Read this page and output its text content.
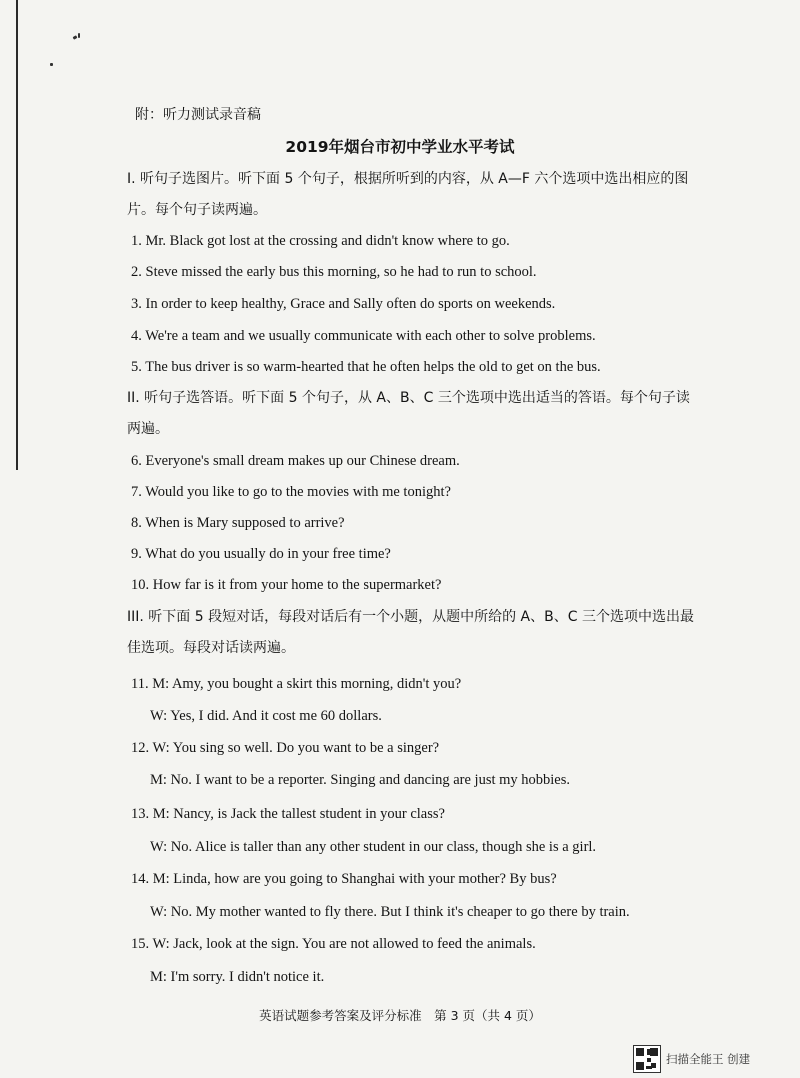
附：听力测试录音稿
2019年烟台市初中学业水平考试
I. 听句子选图片。听下面 5 个句子，根据所听到的内容，从 A—F 六个选项中选出相应的图
片。每个句子读两遍。
1. Mr. Black got lost at the crossing and didn't know where to go.
2. Steve missed the early bus this morning, so he had to run to school.
3. In order to keep healthy, Grace and Sally often do sports on weekends.
4. We're a team and we usually communicate with each other to solve problems.
5. The bus driver is so warm-hearted that he often helps the old to get on the bus.
II. 听句子选答语。听下面 5 个句子，从 A、B、C 三个选项中选出适当的答语。每个句子读
两遍。
6. Everyone's small dream makes up our Chinese dream.
7. Would you like to go to the movies with me tonight?
8. When is Mary supposed to arrive?
9. What do you usually do in your free time?
10. How far is it from your home to the supermarket?
III. 听下面 5 段短对话，每段对话后有一个小题，从题中所给的 A、B、C 三个选项中选出最
佳选项。每段对话读两遍。
11. M: Amy, you bought a skirt this morning, didn't you?
W: Yes, I did. And it cost me 60 dollars.
12. W: You sing so well. Do you want to be a singer?
M: No. I want to be a reporter. Singing and dancing are just my hobbies.
13. M: Nancy, is Jack the tallest student in your class?
W: No. Alice is taller than any other student in our class, though she is a girl.
14. M: Linda, how are you going to Shanghai with your mother? By bus?
W: No. My mother wanted to fly there. But I think it's cheaper to go there by train.
15. W: Jack, look at the sign. You are not allowed to feed the animals.
M: I'm sorry. I didn't notice it.
英语试题参考答案及评分标准　第 3 页（共 4 页）
扫描全能王 创建
